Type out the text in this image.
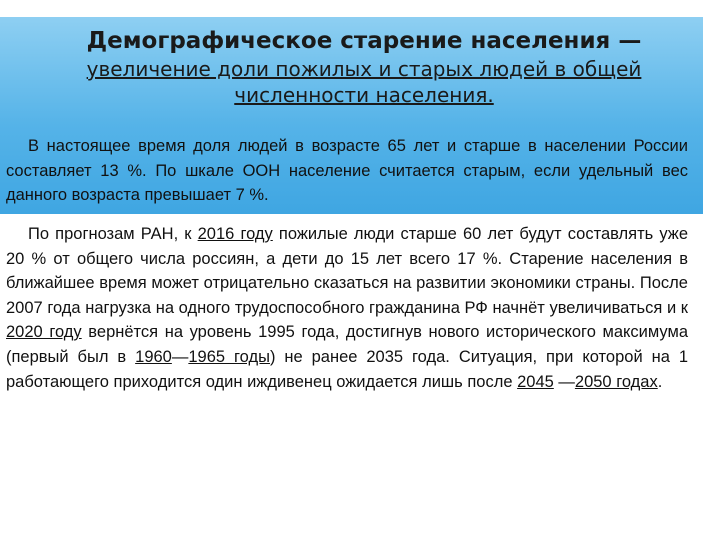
Демографическое старение населения —
увеличение доли пожилых и старых людей в общей численности населения.
В настоящее время доля людей в возрасте 65 лет и старше в населении России составляет 13 %. По шкале ООН население считается старым, если удельный вес данного возраста превышает 7 %.
По прогнозам РАН, к 2016 году пожилые люди старше 60 лет будут составлять уже 20 % от общего числа россиян, а дети до 15 лет всего 17 %. Старение населения в ближайшее время может отрицательно сказаться на развитии экономики страны. После 2007 года нагрузка на одного трудоспособного гражданина РФ начнёт увеличиваться и к 2020 году вернётся на уровень 1995 года, достигнув нового исторического максимума (первый был в 1960—1965 годы) не ранее 2035 года. Ситуация, при которой на 1 работающего приходится один иждивенец ожидается лишь после 2045 —2050 годах.
